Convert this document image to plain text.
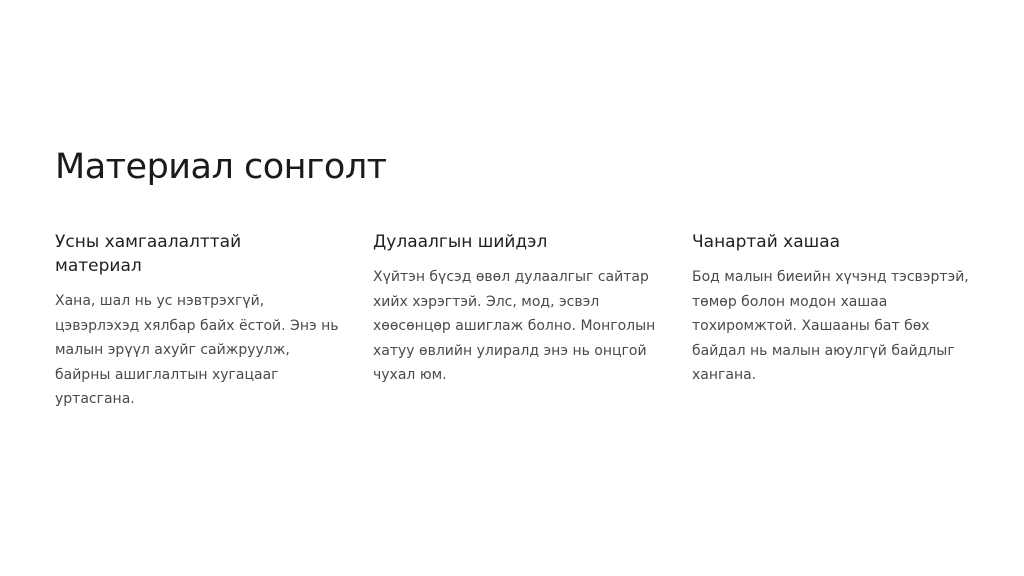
Материал сонголт
Усны хамгаалалттай материал

Хана, шал нь ус нэвтрэхгүй, цэвэрлэхэд хялбар байх ёстой. Энэ нь малын эрүүл ахуйг сайжруулж, байрны ашиглалтын хугацааг уртасгана.

Дулаалгын шийдэл

Хүйтэн бүсэд өвөл дулаалгыг сайтар хийх хэрэгтэй. Элс, мод, эсвэл хөөсөнцөр ашиглаж болно. Монголын хатуу өвлийн улиралд энэ нь онцгой чухал юм.

Чанартай хашаа

Бод малын биеийн хүчэнд тэсвэртэй, төмөр болон модон хашаа тохиромжтой. Хашааны бат бөх байдал нь малын аюулгүй байдлыг хангана.
